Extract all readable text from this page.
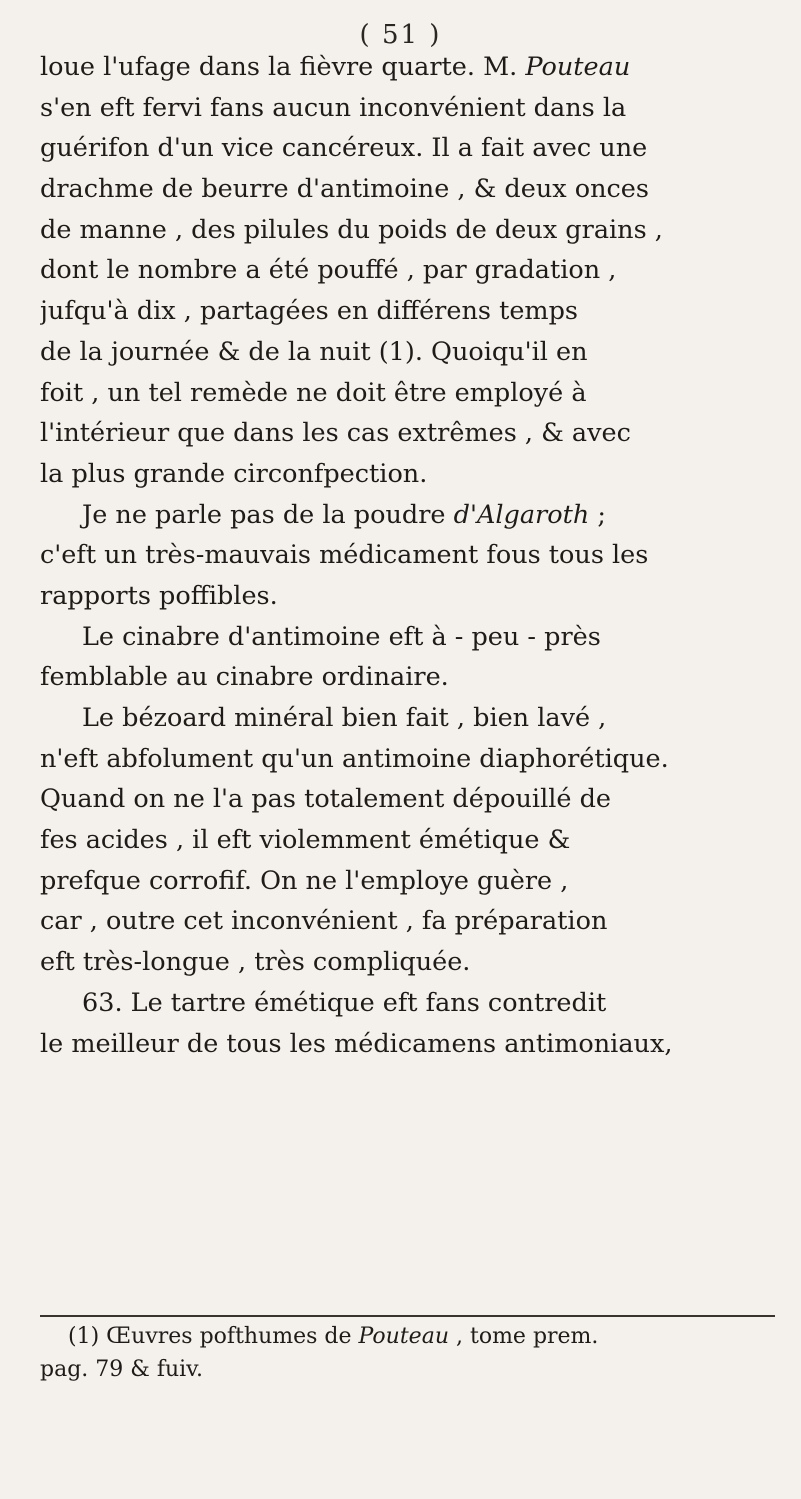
( 51 )
loue l'ufage dans la fièvre quarte. M. Pouteau
s'en eft fervi fans aucun inconvénient dans la
guérifon d'un vice cancéreux. Il a fait avec une
drachme de beurre d'antimoine , & deux onces
de manne , des pilules du poids de deux grains ,
dont le nombre a été pouffé , par gradation ,
jufqu'à dix , partagées en différens temps
de la journée & de la nuit (1). Quoiqu'il en
foit , un tel remède ne doit être employé à
l'intérieur que dans les cas extrêmes , & avec
la plus grande circonfpection.
Je ne parle pas de la poudre d'Algaroth ;
c'eft un très-mauvais médicament fous tous les
rapports poffibles.
Le cinabre d'antimoine eft à - peu - près
femblable au cinabre ordinaire.
Le bézoard minéral bien fait , bien lavé ,
n'eft abfolument qu'un antimoine diaphorétique.
Quand on ne l'a pas totalement dépouillé de
fes acides , il eft violemment émétique &
prefque corrofif. On ne l'employe guère ,
car , outre cet inconvénient , fa préparation
eft très-longue , très compliquée.
63. Le tartre émétique eft fans contredit
le meilleur de tous les médicamens antimoniaux,
(1) Œuvres pofthumes de Pouteau , tome prem.
pag. 79 & fuiv.
